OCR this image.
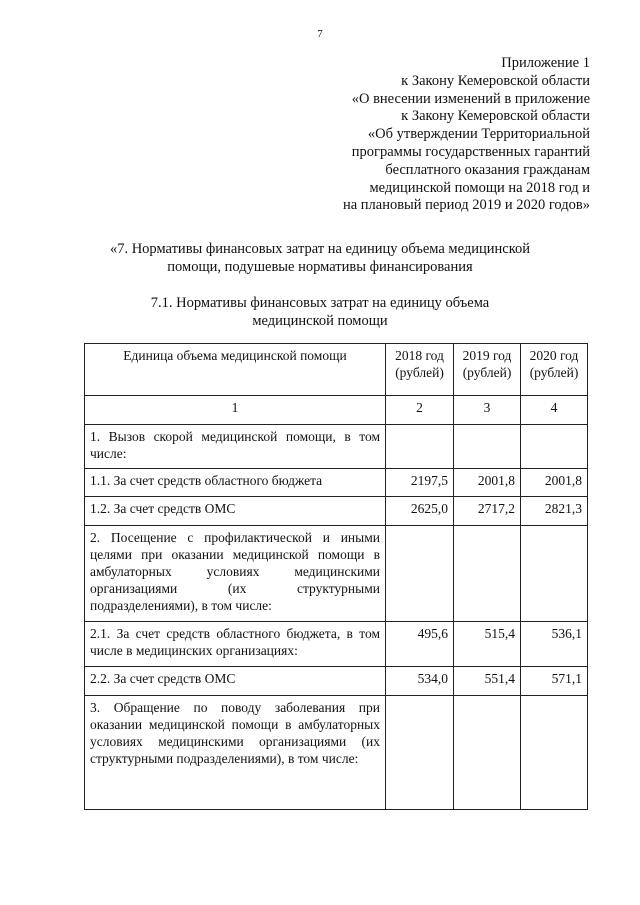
7
Приложение 1
к Закону Кемеровской области
«О внесении изменений в приложение
к Закону Кемеровской области
«Об утверждении Территориальной
программы государственных гарантий
бесплатного оказания гражданам
медицинской помощи на 2018 год и
на плановый период 2019 и 2020 годов»
«7. Нормативы финансовых затрат на единицу объема медицинской
помощи, подушевые нормативы финансирования
7.1. Нормативы финансовых затрат на единицу объема
медицинской помощи
Единица объема медицинской помощи	2018 год (рублей)	2019 год (рублей)	2020 год (рублей)
1	2	3	4
1. Вызов скорой медицинской помощи, в том числе:			
1.1. За счет средств областного бюджета	2197,5	2001,8	2001,8
1.2. За счет средств ОМС	2625,0	2717,2	2821,3
2. Посещение с профилактической и иными целями при оказании медицинской помощи в амбулаторных условиях медицинскими организациями (их структурными подразделениями), в том числе:			
2.1. За счет средств областного бюджета, в том числе в медицинских организациях:	495,6	515,4	536,1
2.2. За счет средств ОМС	534,0	551,4	571,1
3. Обращение по поводу заболевания при оказании медицинской помощи в амбулаторных условиях медицинскими организациями (их структурными подразделениями), в том числе:			
